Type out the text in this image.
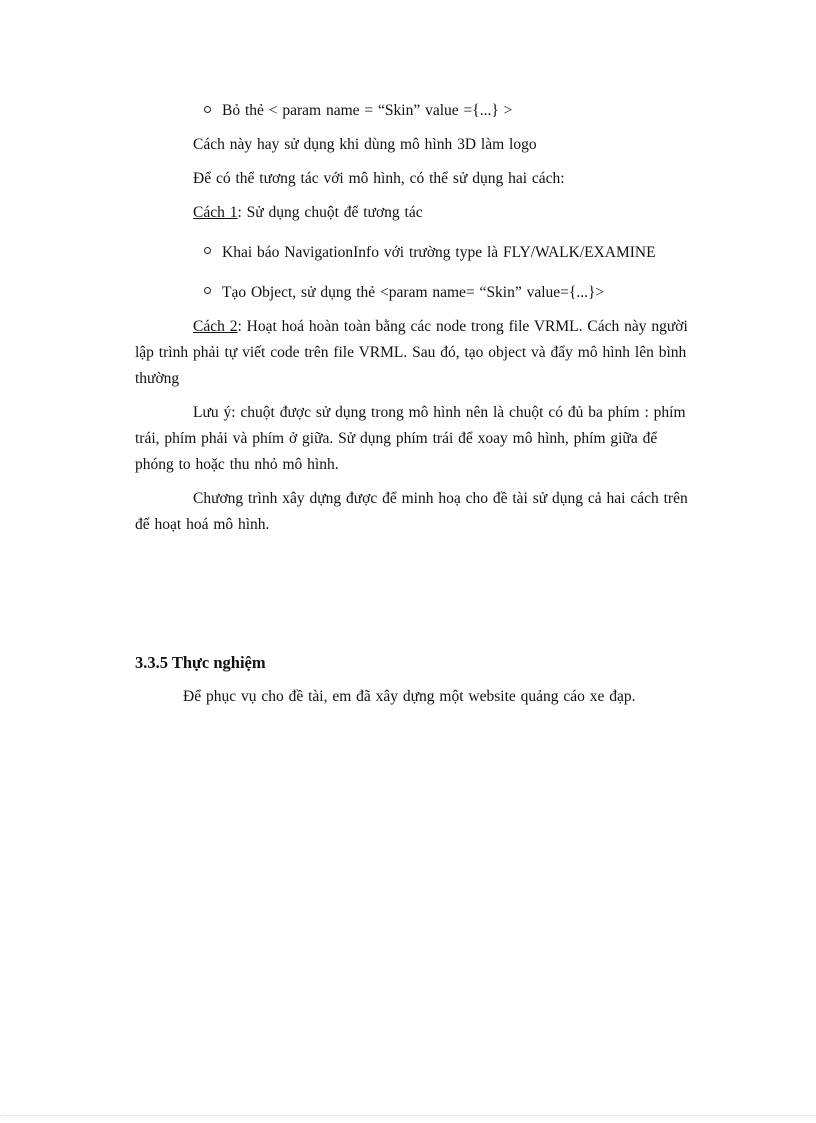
Bỏ thẻ < param name = “Skin” value ={...} >
Cách này hay sử dụng khi dùng mô hình 3D làm logo
Để có thể tương tác với mô hình, có thể sử dụng hai cách:
Cách 1: Sử dụng chuột để tương tác
Khai báo NavigationInfo với trường type là FLY/WALK/EXAMINE
Tạo Object, sử dụng thẻ <param name= “Skin” value={...}>
Cách 2: Hoạt hoá hoàn toàn bằng các node trong file VRML. Cách này người
lập trình phải tự viết code trên file VRML. Sau đó, tạo object và đẩy mô hình lên bình
thường
Lưu ý: chuột được sử dụng trong mô hình nên là chuột có đủ ba phím : phím
trái, phím phải và phím ở giữa. Sử dụng phím trái để xoay mô hình, phím giữa để
phóng to hoặc thu nhỏ mô hình.
Chương trình xây dựng được để minh hoạ cho đề tài sử dụng cả hai cách trên
để hoạt hoá mô hình.
3.3.5 Thực nghiệm
Để phục vụ cho đề tài, em đã xây dựng một website quảng cáo xe đạp.
